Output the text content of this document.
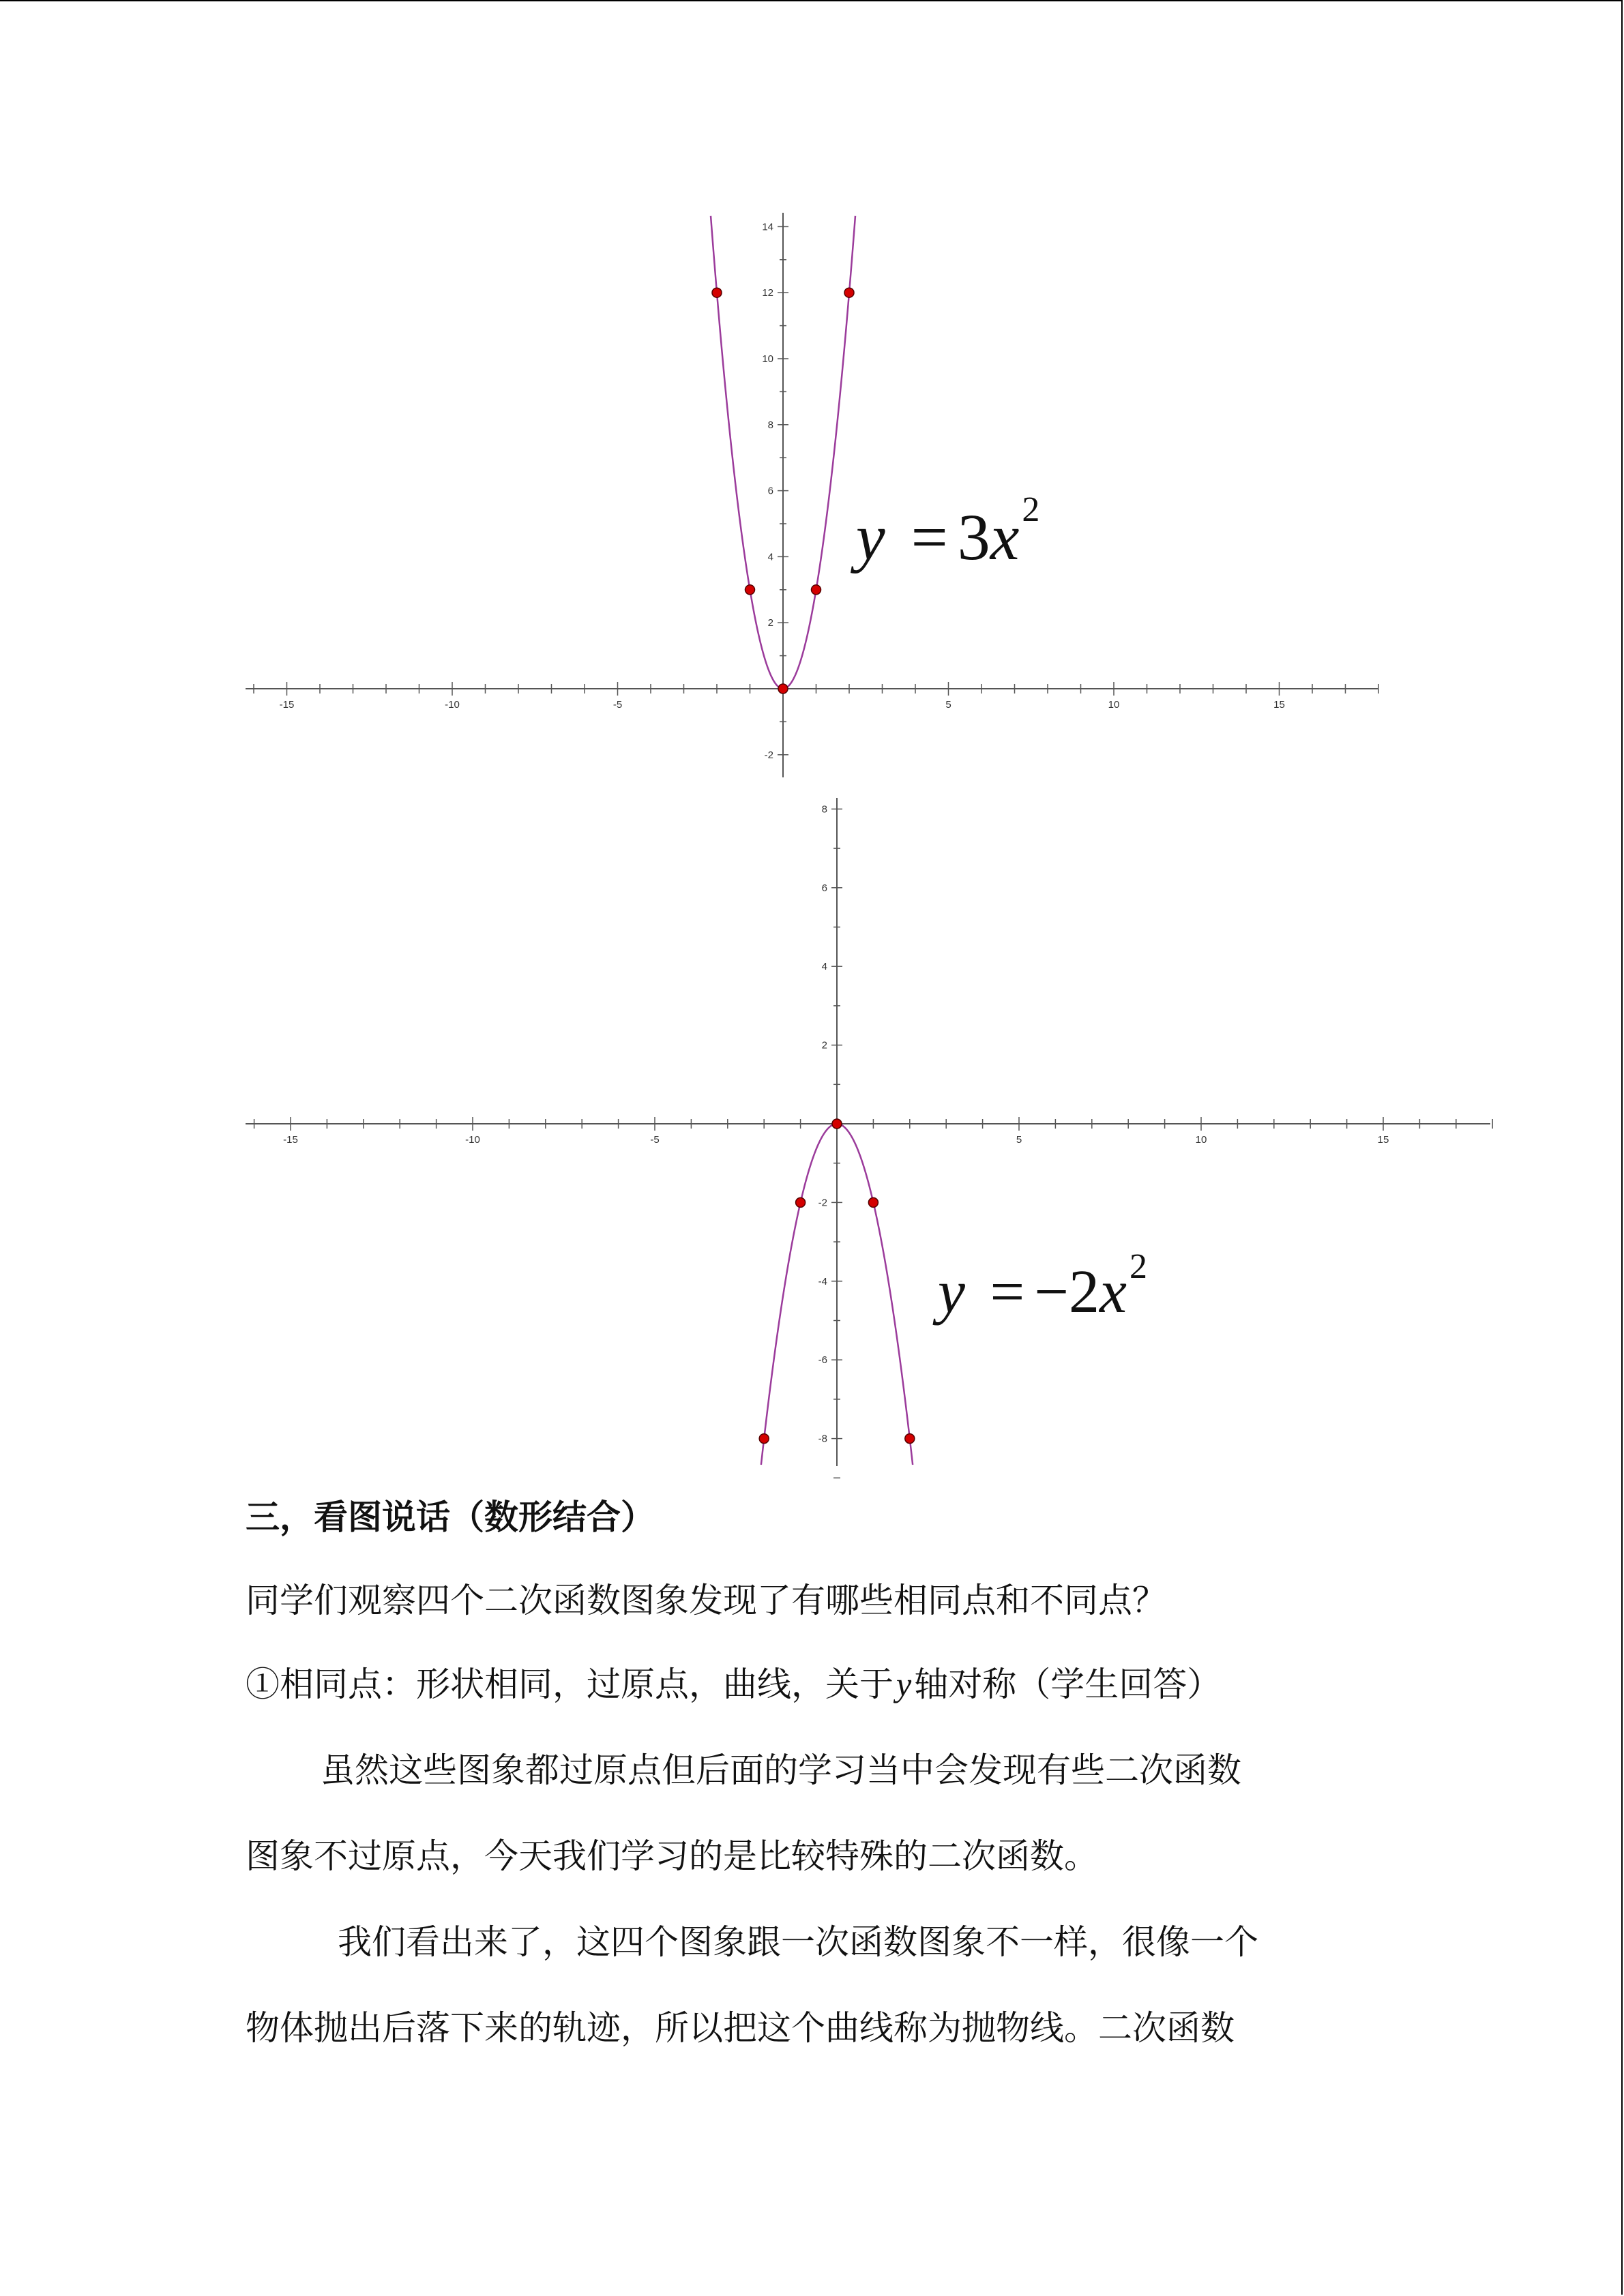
-15	-10	-5	5	10	15
-2
2
4
6
8
10
12
14
$y = 3x^2$
-15	-10	-5	5	10	15
8
6
4
2
-2
-4
-6
-8
$y = -2x^2$
三，看图说话（数形结合）
同学们观察四个二次函数图象发现了有哪些相同点和不同点？
①相同点：形状相同，过原点，曲线，关于y轴对称（学生回答）
虽然这些图象都过原点但后面的学习当中会发现有些二次函数
图象不过原点，今天我们学习的是比较特殊的二次函数。
我们看出来了，这四个图象跟一次函数图象不一样，很像一个
物体抛出后落下来的轨迹，所以把这个曲线称为抛物线。二次函数
